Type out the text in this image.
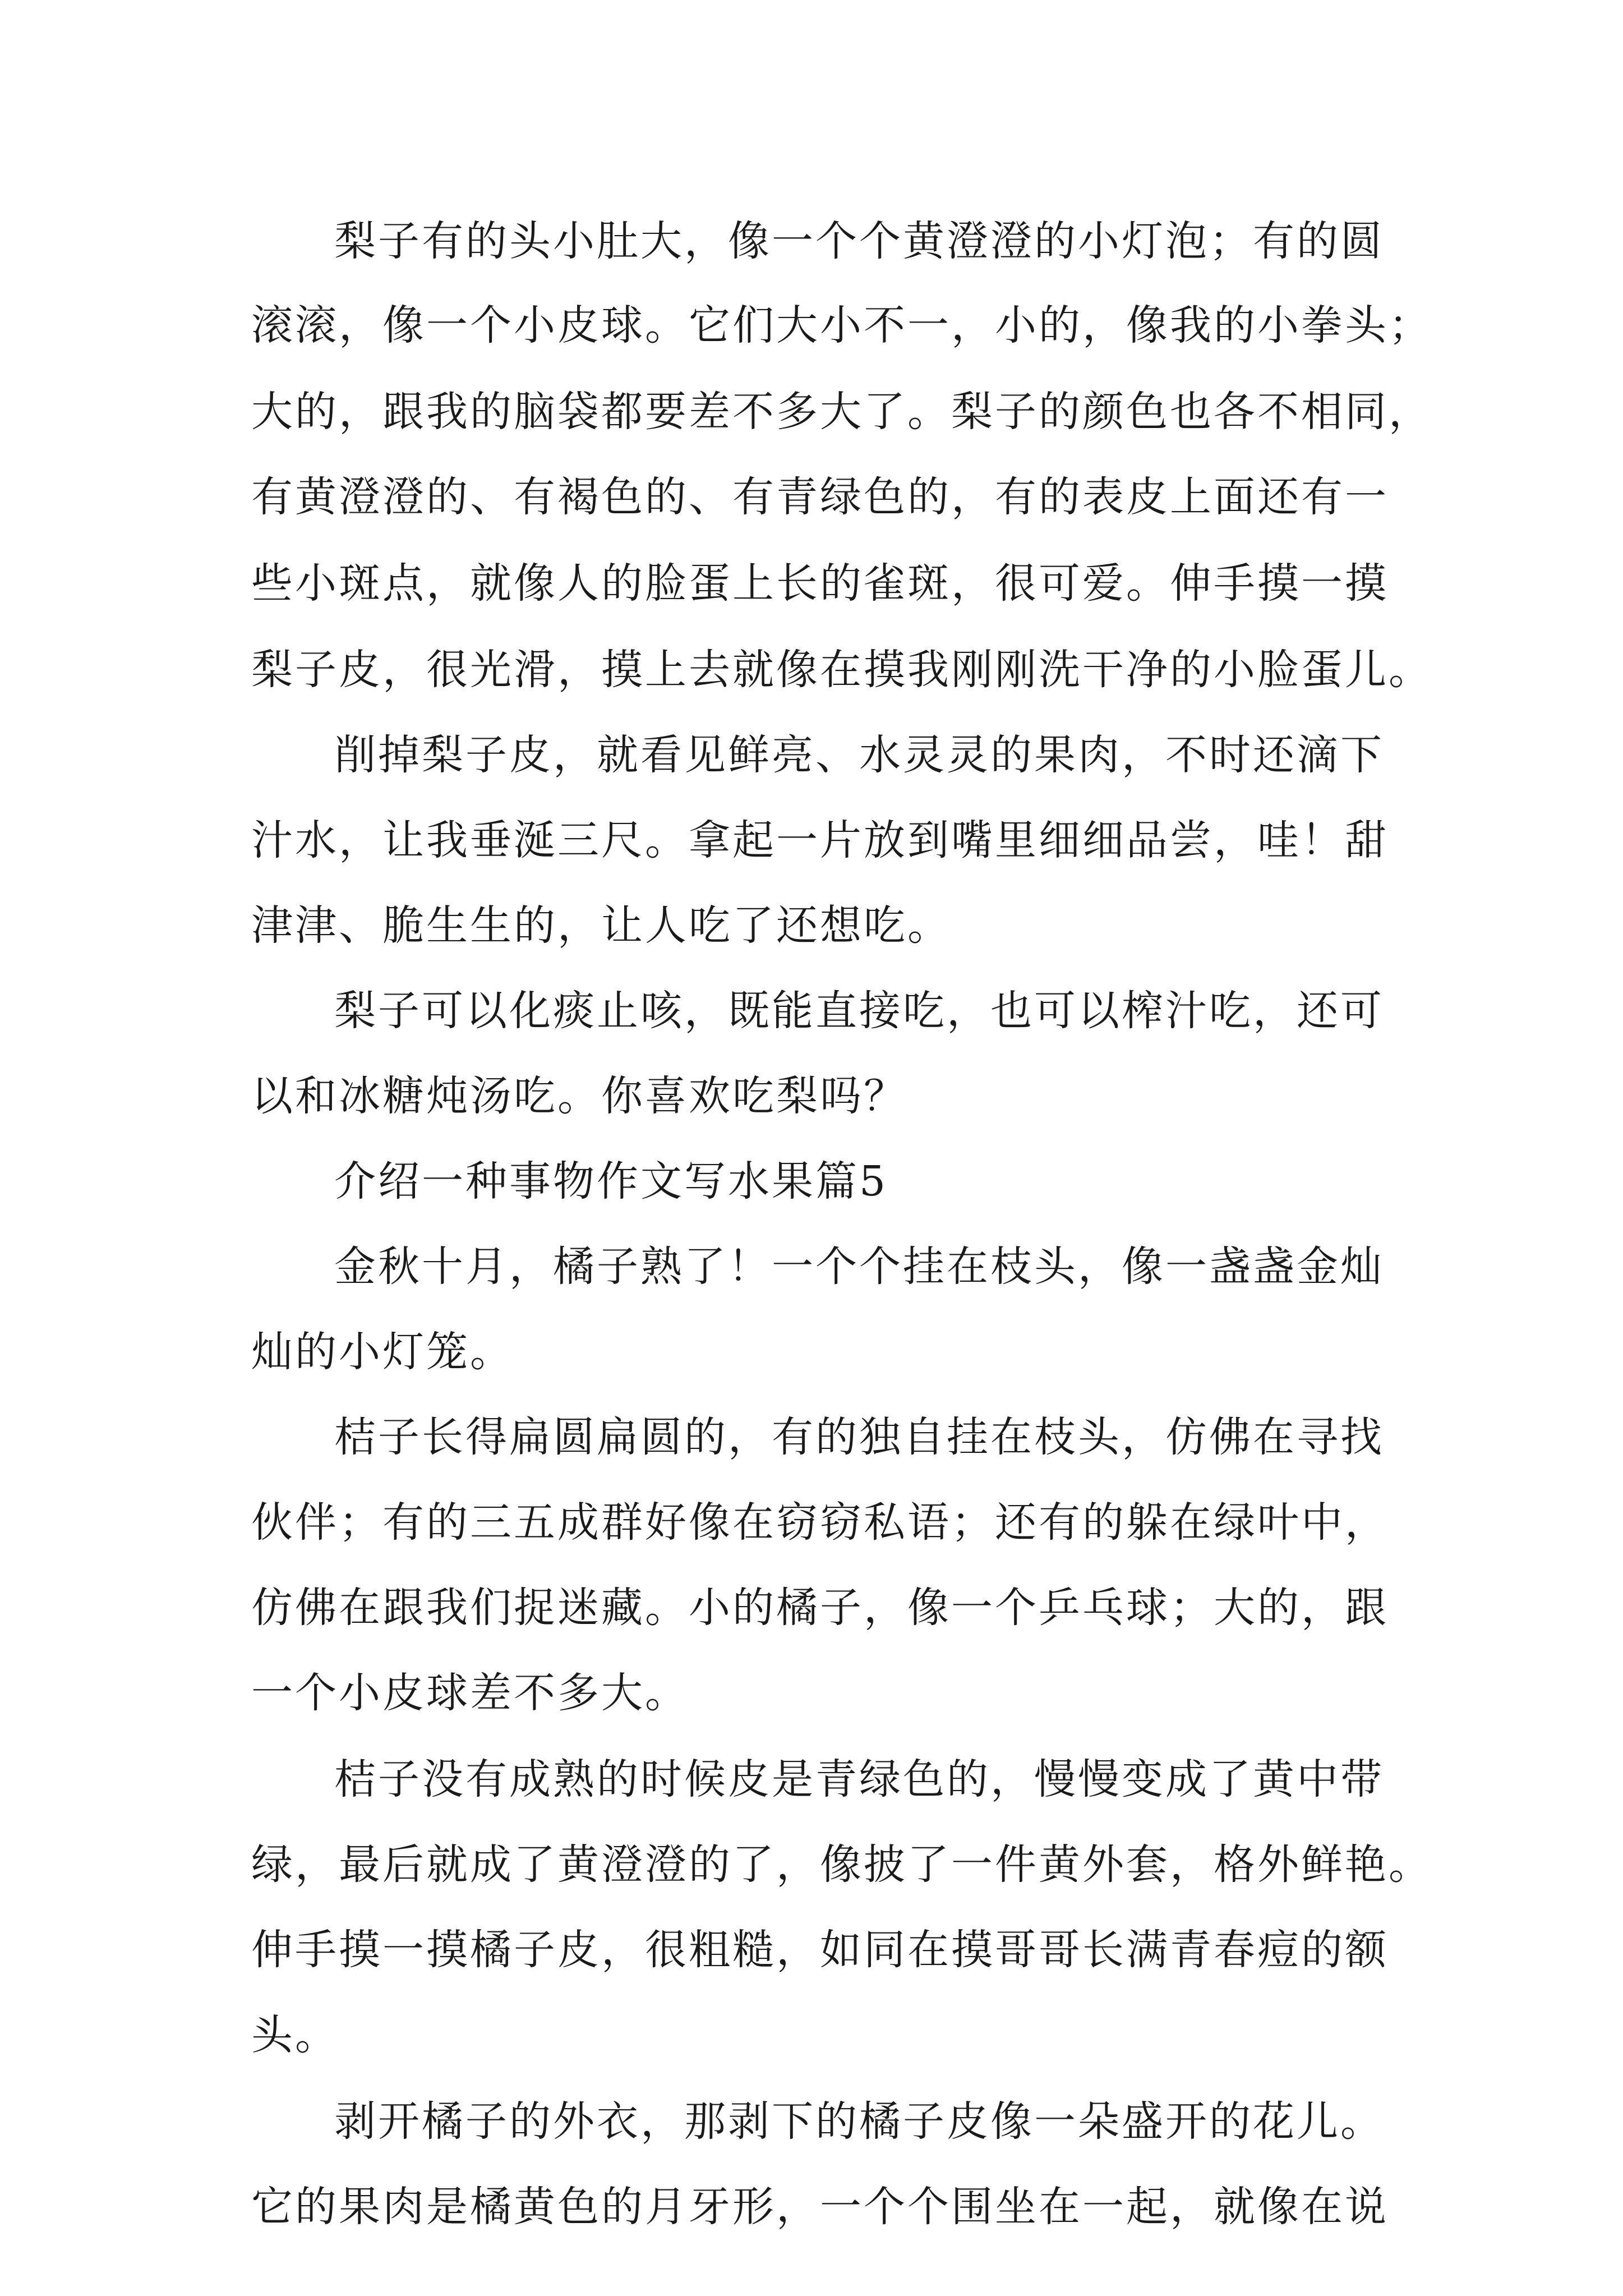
梨子有的头小肚大，像一个个黄澄澄的小灯泡；有的圆
滚滚，像一个小皮球。它们大小不一，小的，像我的小拳头；
大的，跟我的脑袋都要差不多大了。梨子的颜色也各不相同，
有黄澄澄的、有褐色的、有青绿色的，有的表皮上面还有一
些小斑点，就像人的脸蛋上长的雀斑，很可爱。伸手摸一摸
梨子皮，很光滑，摸上去就像在摸我刚刚洗干净的小脸蛋儿。
削掉梨子皮，就看见鲜亮、水灵灵的果肉，不时还滴下
汁水，让我垂涎三尺。拿起一片放到嘴里细细品尝，哇！甜
津津、脆生生的，让人吃了还想吃。
梨子可以化痰止咳，既能直接吃，也可以榨汁吃，还可
以和冰糖炖汤吃。你喜欢吃梨吗？
介绍一种事物作文写水果篇5
金秋十月，橘子熟了！一个个挂在枝头，像一盏盏金灿
灿的小灯笼。
桔子长得扁圆扁圆的，有的独自挂在枝头，仿佛在寻找
伙伴；有的三五成群好像在窃窃私语；还有的躲在绿叶中，
仿佛在跟我们捉迷藏。小的橘子，像一个乒乓球；大的，跟
一个小皮球差不多大。
桔子没有成熟的时候皮是青绿色的，慢慢变成了黄中带
绿，最后就成了黄澄澄的了，像披了一件黄外套，格外鲜艳。
伸手摸一摸橘子皮，很粗糙，如同在摸哥哥长满青春痘的额
头。
剥开橘子的外衣，那剥下的橘子皮像一朵盛开的花儿。
它的果肉是橘黄色的月牙形，一个个围坐在一起，就像在说
